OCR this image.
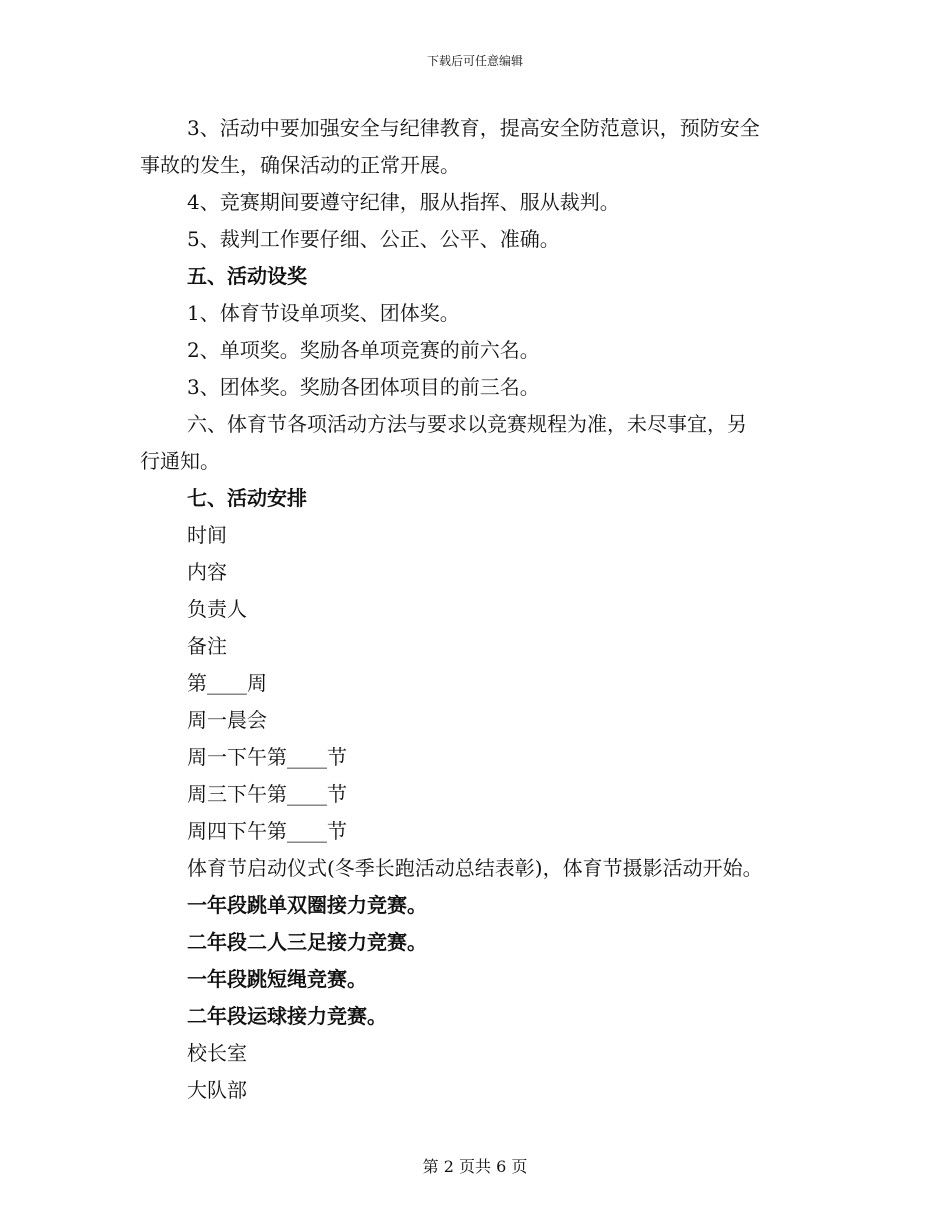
下载后可任意编辑

3、活动中要加强安全与纪律教育，提高安全防范意识，预防安全

事故的发生，确保活动的正常开展。

4、竞赛期间要遵守纪律，服从指挥、服从裁判。

5、裁判工作要仔细、公正、公平、准确。

五、活动设奖

1、体育节设单项奖、团体奖。

2、单项奖。奖励各单项竞赛的前六名。

3、团体奖。奖励各团体项目的前三名。

六、体育节各项活动方法与要求以竞赛规程为准，未尽事宜，另

行通知。

七、活动安排

时间

内容

负责人

备注

第____周

周一晨会

周一下午第____节

周三下午第____节

周四下午第____节

体育节启动仪式(冬季长跑活动总结表彰)，体育节摄影活动开始。

一年段跳单双圈接力竞赛。

二年段二人三足接力竞赛。

一年段跳短绳竞赛。

二年段运球接力竞赛。

校长室

大队部

第 2 页共 6 页
